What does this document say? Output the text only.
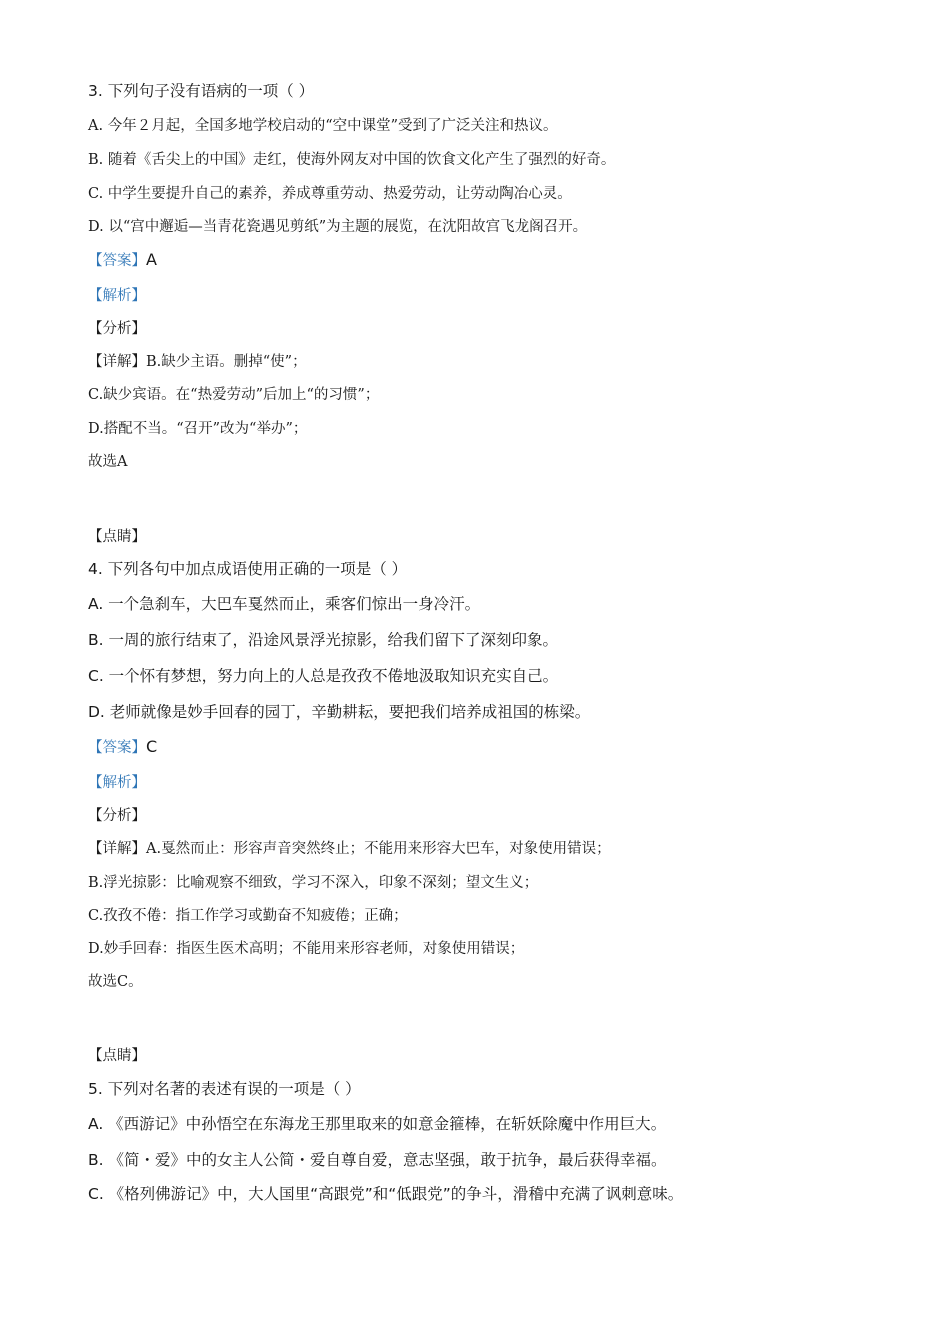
3. 下列句子没有语病的一项（ ）
A. 今年２月起，全国多地学校启动的“空中课堂”受到了广泛关注和热议。
B. 随着《舌尖上的中国》走红，使海外网友对中国的饮食文化产生了强烈的好奇。
C. 中学生要提升自己的素养，养成尊重劳动、热爱劳动，让劳动陶冶心灵。
D. 以“宫中邂逅—当青花瓷遇见剪纸”为主题的展览，在沈阳故宫飞龙阁召开。
【答案】A
【解析】
【分析】
【详解】B.缺少主语。删掉“使”；
C.缺少宾语。在“热爱劳动”后加上“的习惯”；
D.搭配不当。“召开”改为“举办”；
故选A
【点睛】
4. 下列各句中加点成语使用正确的一项是（ ）
A. 一个急刹车，大巴车戛然而止，乘客们惊出一身冷汗。
B. 一周的旅行结束了，沿途风景浮光掠影，给我们留下了深刻印象。
C. 一个怀有梦想，努力向上的人总是孜孜不倦地汲取知识充实自己。
D. 老师就像是妙手回春的园丁，辛勤耕耘，要把我们培养成祖国的栋梁。
【答案】C
【解析】
【分析】
【详解】A.戛然而止：形容声音突然终止；不能用来形容大巴车，对象使用错误；
B.浮光掠影：比喻观察不细致，学习不深入，印象不深刻；望文生义；
C.孜孜不倦：指工作学习或勤奋不知疲倦；正确；
D.妙手回春：指医生医术高明；不能用来形容老师，对象使用错误；
故选C。
【点睛】
5. 下列对名著的表述有误的一项是（ ）
A. 《西游记》中孙悟空在东海龙王那里取来的如意金箍棒，在斩妖除魔中作用巨大。
B. 《简・爱》中的女主人公简・爱自尊自爱，意志坚强，敢于抗争，最后获得幸福。
C. 《格列佛游记》中，大人国里“高跟党”和“低跟党”的争斗，滑稽中充满了讽刺意味。
